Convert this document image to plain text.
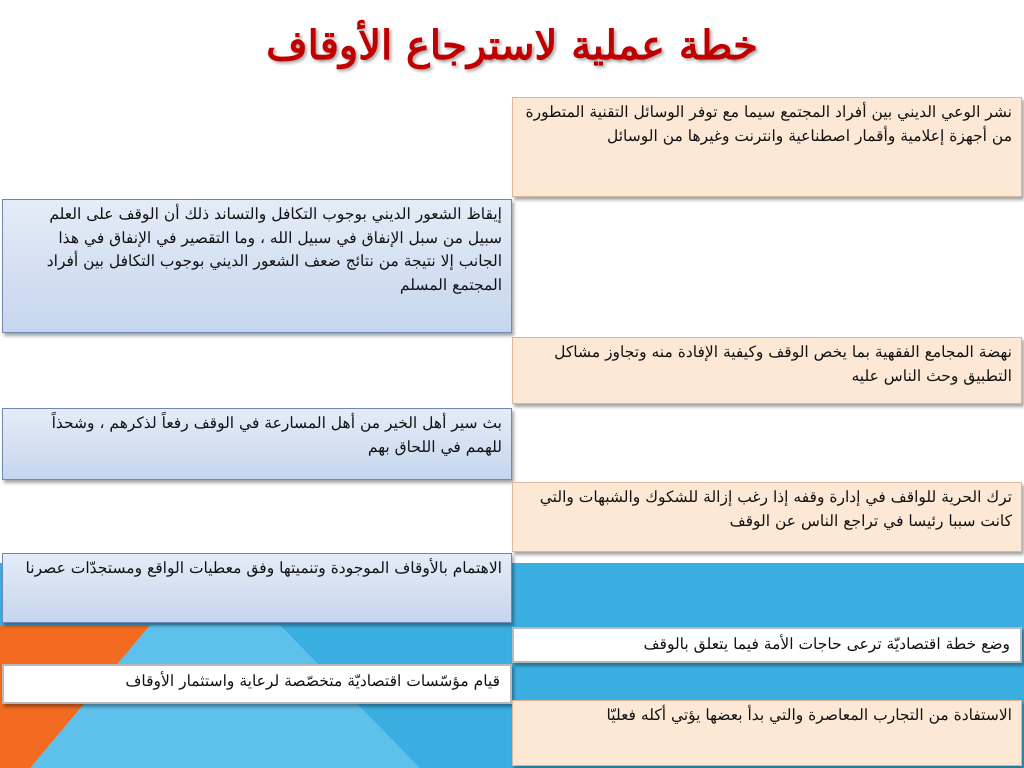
خطة عملية لاسترجاع الأوقاف
نشر الوعي الديني بين أفراد المجتمع سيما مع توفر الوسائل التقنية المتطورة من أجهزة إعلامية وأقمار اصطناعية وانترنت وغيرها من الوسائل
إيقاظ الشعور الديني بوجوب التكافل والتساند ذلك أن الوقف على العلم سبيل من سبل الإنفاق في سبيل الله ، وما التقصير في الإنفاق في هذا الجانب إلا نتيجة من نتائج ضعف الشعور الديني بوجوب التكافل بين أفراد المجتمع المسلم
نهضة المجامع الفقهية بما يخص الوقف وكيفية الإفادة منه وتجاوز مشاكل التطبيق وحث الناس عليه
بث سير أهل الخير من أهل المسارعة في الوقف رفعاً لذكرهم ، وشحذاً للهمم في اللحاق بهم
ترك الحرية للواقف في إدارة وقفه إذا رغب إزالة للشكوك والشبهات والتي كانت سببا رئيسا في تراجع الناس عن الوقف
الاهتمام بالأوقاف الموجودة وتنميتها وفق معطيات الواقع ومستجدّات عصرنا
وضع خطة اقتصاديّة ترعى حاجات الأمة فيما يتعلق بالوقف
قيام مؤسّسات اقتصاديّة متخصّصة لرعاية واستثمار الأوقاف
الاستفادة من التجارب المعاصرة والتي بدأ بعضها يؤتي أكله فعليّا
